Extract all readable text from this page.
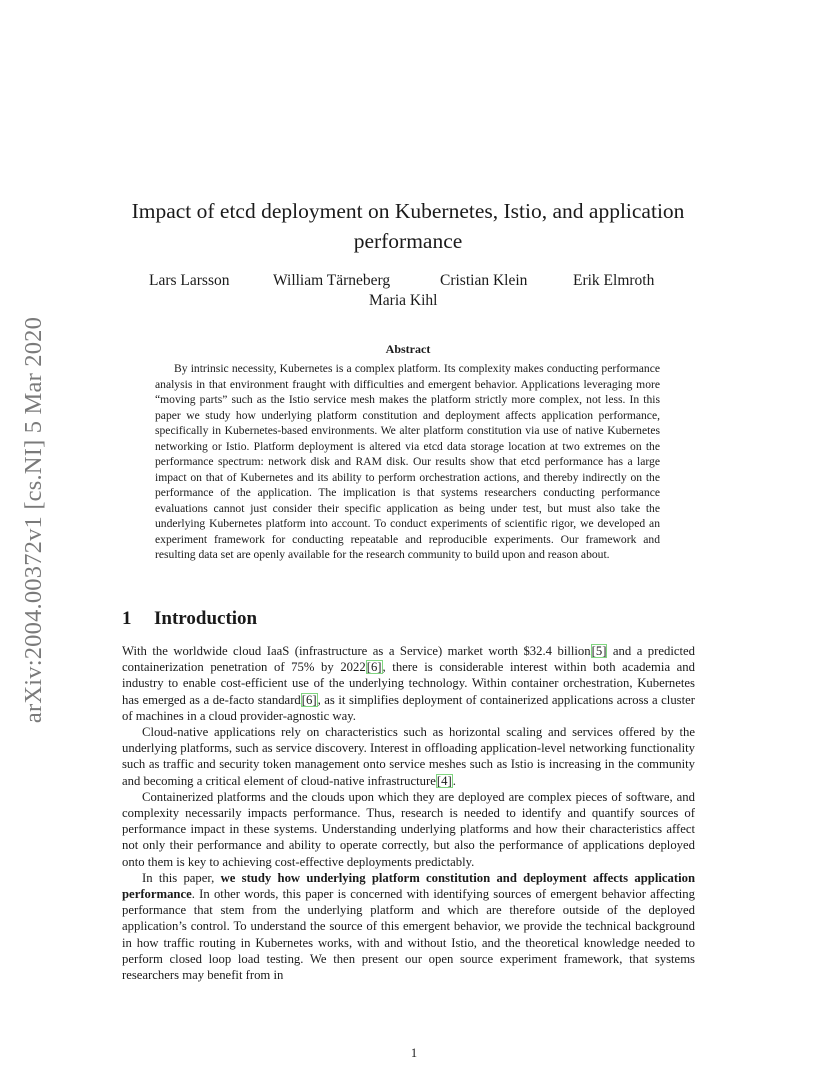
arXiv:2004.00372v1 [cs.NI] 5 Mar 2020
Impact of etcd deployment on Kubernetes, Istio, and application performance
Lars Larsson	William Tärneberg	Cristian Klein	Erik Elmroth
Maria Kihl
Abstract

By intrinsic necessity, Kubernetes is a complex platform. Its complexity makes conducting performance analysis in that environment fraught with difficulties and emergent behavior. Applications leveraging more “moving parts” such as the Istio service mesh makes the platform strictly more complex, not less. In this paper we study how underlying platform constitution and deployment affects application performance, specifically in Kubernetes-based environments. We alter platform constitution via use of native Kubernetes networking or Istio. Platform deployment is altered via etcd data storage location at two extremes on the performance spectrum: network disk and RAM disk. Our results show that etcd performance has a large impact on that of Kubernetes and its ability to perform orchestration actions, and thereby indirectly on the performance of the application. The implication is that systems researchers conducting performance evaluations cannot just consider their specific application as being under test, but must also take the underlying Kubernetes platform into account. To conduct experiments of scientific rigor, we developed an experiment framework for conducting repeatable and reproducible experiments. Our framework and resulting data set are openly available for the research community to build upon and reason about.

1 Introduction

With the worldwide cloud IaaS (infrastructure as a Service) market worth $32.4 billion[5] and a predicted containerization penetration of 75% by 2022[6], there is considerable interest within both academia and industry to enable cost-efficient use of the underlying technology. Within container orchestration, Kubernetes has emerged as a de-facto standard[6], as it simplifies deployment of containerized applications across a cluster of machines in a cloud provider-agnostic way.

Cloud-native applications rely on characteristics such as horizontal scaling and services offered by the underlying platforms, such as service discovery. Interest in offloading application-level networking functionality such as traffic and security token management onto service meshes such as Istio is increasing in the community and becoming a critical element of cloud-native infrastructure[4].

Containerized platforms and the clouds upon which they are deployed are complex pieces of software, and complexity necessarily impacts performance. Thus, research is needed to identify and quantify sources of performance impact in these systems. Understanding underlying platforms and how their characteristics affect not only their performance and ability to operate correctly, but also the performance of applications deployed onto them is key to achieving cost-effective deployments predictably.

In this paper, we study how underlying platform constitution and deployment affects application performance. In other words, this paper is concerned with identifying sources of emergent behavior affecting performance that stem from the underlying platform and which are therefore outside of the deployed application’s control. To understand the source of this emergent behavior, we provide the technical background in how traffic routing in Kubernetes works, with and without Istio, and the theoretical knowledge needed to perform closed loop load testing. We then present our open source experiment framework, that systems researchers may benefit from in

1
